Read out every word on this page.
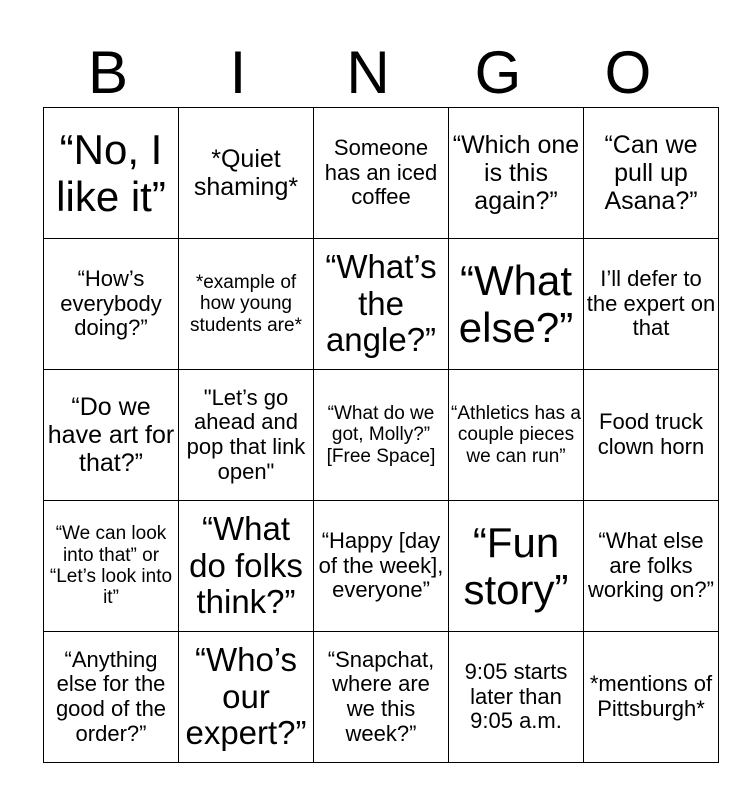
B	I	N	G	O
“No, I like it”	*Quiet shaming*	Someone has an iced coffee	“Which one is this again?”	“Can we pull up Asana?”
“How’s everybody doing?”	*example of how young students are*	“What’s the angle?”	“What else?”	I’ll defer to the expert on that
“Do we have art for that?”	"Let’s go ahead and pop that link open"	“What do we got, Molly?” [Free Space]	“Athletics has a couple pieces we can run”	Food truck clown horn
“We can look into that” or “Let’s look into it”	“What do folks think?”	“Happy [day of the week], everyone”	“Fun story”	“What else are folks working on?”
“Anything else for the good of the order?”	“Who’s our expert?”	“Snapchat, where are we this week?”	9:05 starts later than 9:05 a.m.	*mentions of Pittsburgh*
